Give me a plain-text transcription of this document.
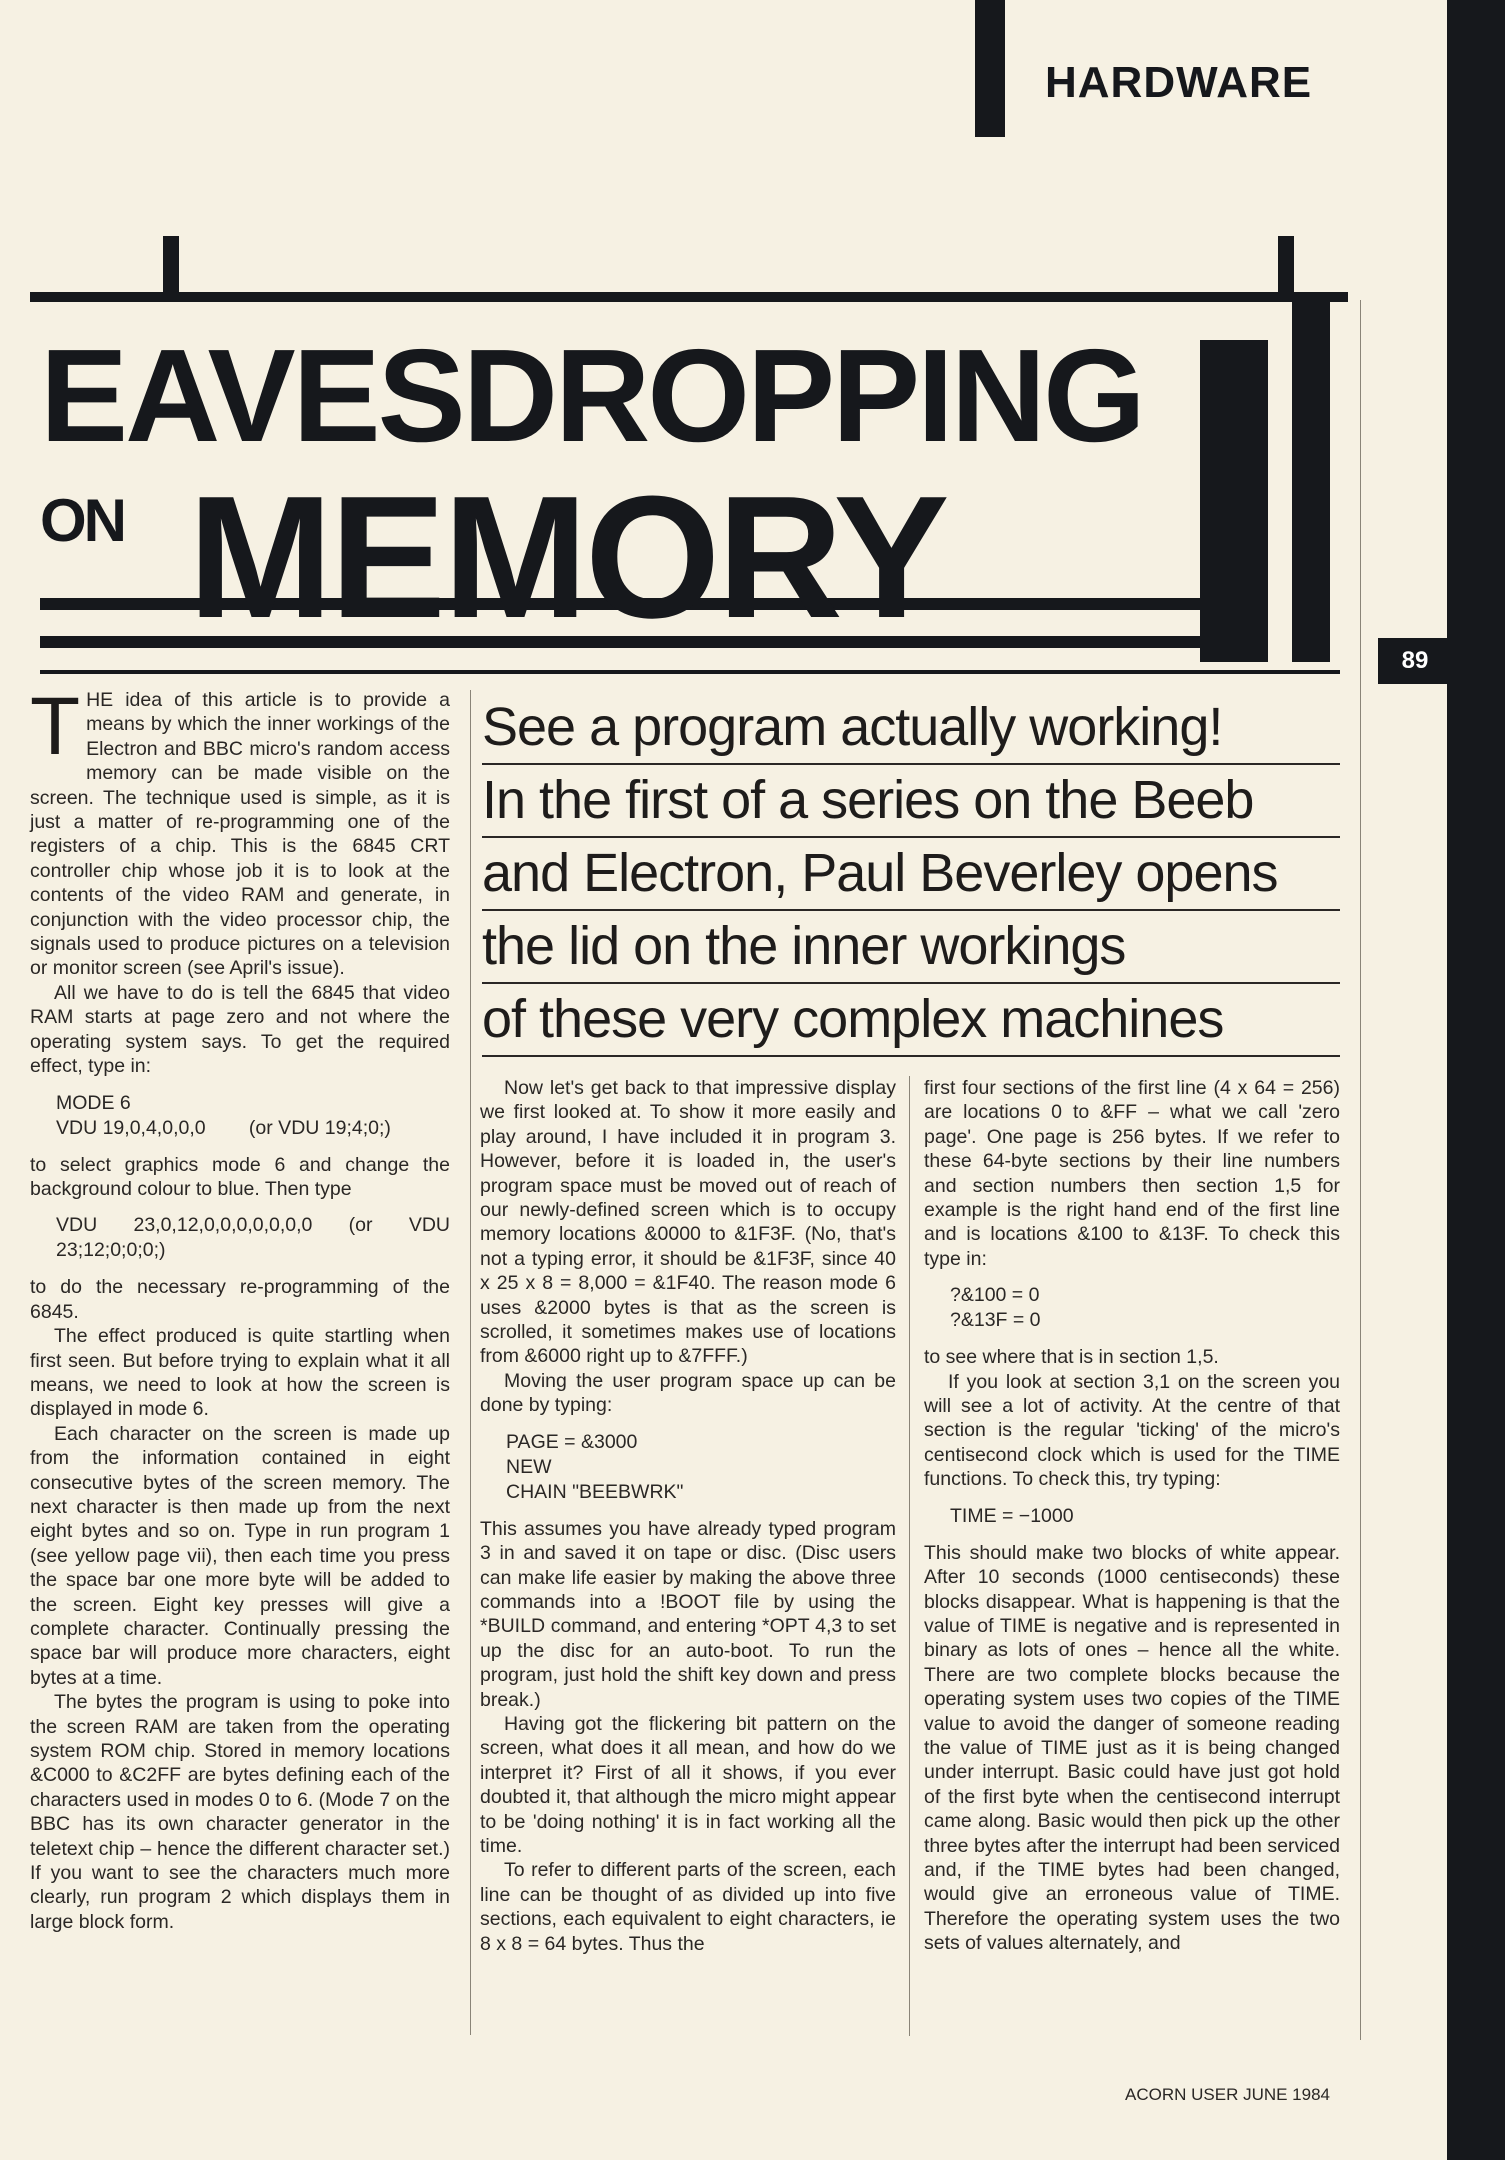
HARDWARE
89
EAVESDROPPING
ON MEMORY

THE idea of this article is to provide a means by which the inner workings of the Electron and BBC micro's random access memory can be made visible on the screen. The technique used is simple, as it is just a matter of re-programming one of the registers of a chip. This is the 6845 CRT controller chip whose job it is to look at the contents of the video RAM and generate, in conjunction with the video processor chip, the signals used to produce pictures on a television or monitor screen (see April's issue).

All we have to do is tell the 6845 that video RAM starts at page zero and not where the operating system says. To get the required effect, type in:

MODE 6
VDU 19,0,4,0,0,0        (or VDU 19;4;0;)

to select graphics mode 6 and change the background colour to blue. Then type

VDU 23,0,12,0,0,0,0,0,0,0 (or VDU 23;12;0;0;0;)

to do the necessary re-programming of the 6845.

The effect produced is quite startling when first seen. But before trying to explain what it all means, we need to look at how the screen is displayed in mode 6.

Each character on the screen is made up from the information contained in eight consecutive bytes of the screen memory. The next character is then made up from the next eight bytes and so on. Type in run program 1 (see yellow page vii), then each time you press the space bar one more byte will be added to the screen. Eight key presses will give a complete character. Continually pressing the space bar will produce more characters, eight bytes at a time.

The bytes the program is using to poke into the screen RAM are taken from the operating system ROM chip. Stored in memory locations &C000 to &C2FF are bytes defining each of the characters used in modes 0 to 6. (Mode 7 on the BBC has its own character generator in the teletext chip – hence the different character set.) If you want to see the characters much more clearly, run program 2 which displays them in large block form.

See a program actually working!
In the first of a series on the Beeb
and Electron, Paul Beverley opens
the lid on the inner workings
of these very complex machines

Now let's get back to that impressive display we first looked at. To show it more easily and play around, I have included it in program 3. However, before it is loaded in, the user's program space must be moved out of reach of our newly-defined screen which is to occupy memory locations &0000 to &1F3F. (No, that's not a typing error, it should be &1F3F, since 40 x 25 x 8 = 8,000 = &1F40. The reason mode 6 uses &2000 bytes is that as the screen is scrolled, it sometimes makes use of locations from &6000 right up to &7FFF.)

Moving the user program space up can be done by typing:

PAGE = &3000
NEW
CHAIN "BEEBWRK"

This assumes you have already typed program 3 in and saved it on tape or disc. (Disc users can make life easier by making the above three commands into a !BOOT file by using the *BUILD command, and entering *OPT 4,3 to set up the disc for an auto-boot. To run the program, just hold the shift key down and press break.)

Having got the flickering bit pattern on the screen, what does it all mean, and how do we interpret it? First of all it shows, if you ever doubted it, that although the micro might appear to be 'doing nothing' it is in fact working all the time.

To refer to different parts of the screen, each line can be thought of as divided up into five sections, each equivalent to eight characters, ie 8 x 8 = 64 bytes. Thus the

first four sections of the first line (4 x 64 = 256) are locations 0 to &FF – what we call 'zero page'. One page is 256 bytes. If we refer to these 64-byte sections by their line numbers and section numbers then section 1,5 for example is the right hand end of the first line and is locations &100 to &13F. To check this type in:

?&100 = 0
?&13F = 0

to see where that is in section 1,5.

If you look at section 3,1 on the screen you will see a lot of activity. At the centre of that section is the regular 'ticking' of the micro's centisecond clock which is used for the TIME functions. To check this, try typing:

TIME = −1000

This should make two blocks of white appear. After 10 seconds (1000 centiseconds) these blocks disappear. What is happening is that the value of TIME is negative and is represented in binary as lots of ones – hence all the white. There are two complete blocks because the operating system uses two copies of the TIME value to avoid the danger of someone reading the value of TIME just as it is being changed under interrupt. Basic could have just got hold of the first byte when the centisecond interrupt came along. Basic would then pick up the other three bytes after the interrupt had been serviced and, if the TIME bytes had been changed, would give an erroneous value of TIME. Therefore the operating system uses the two sets of values alternately, and

ACORN USER JUNE 1984
